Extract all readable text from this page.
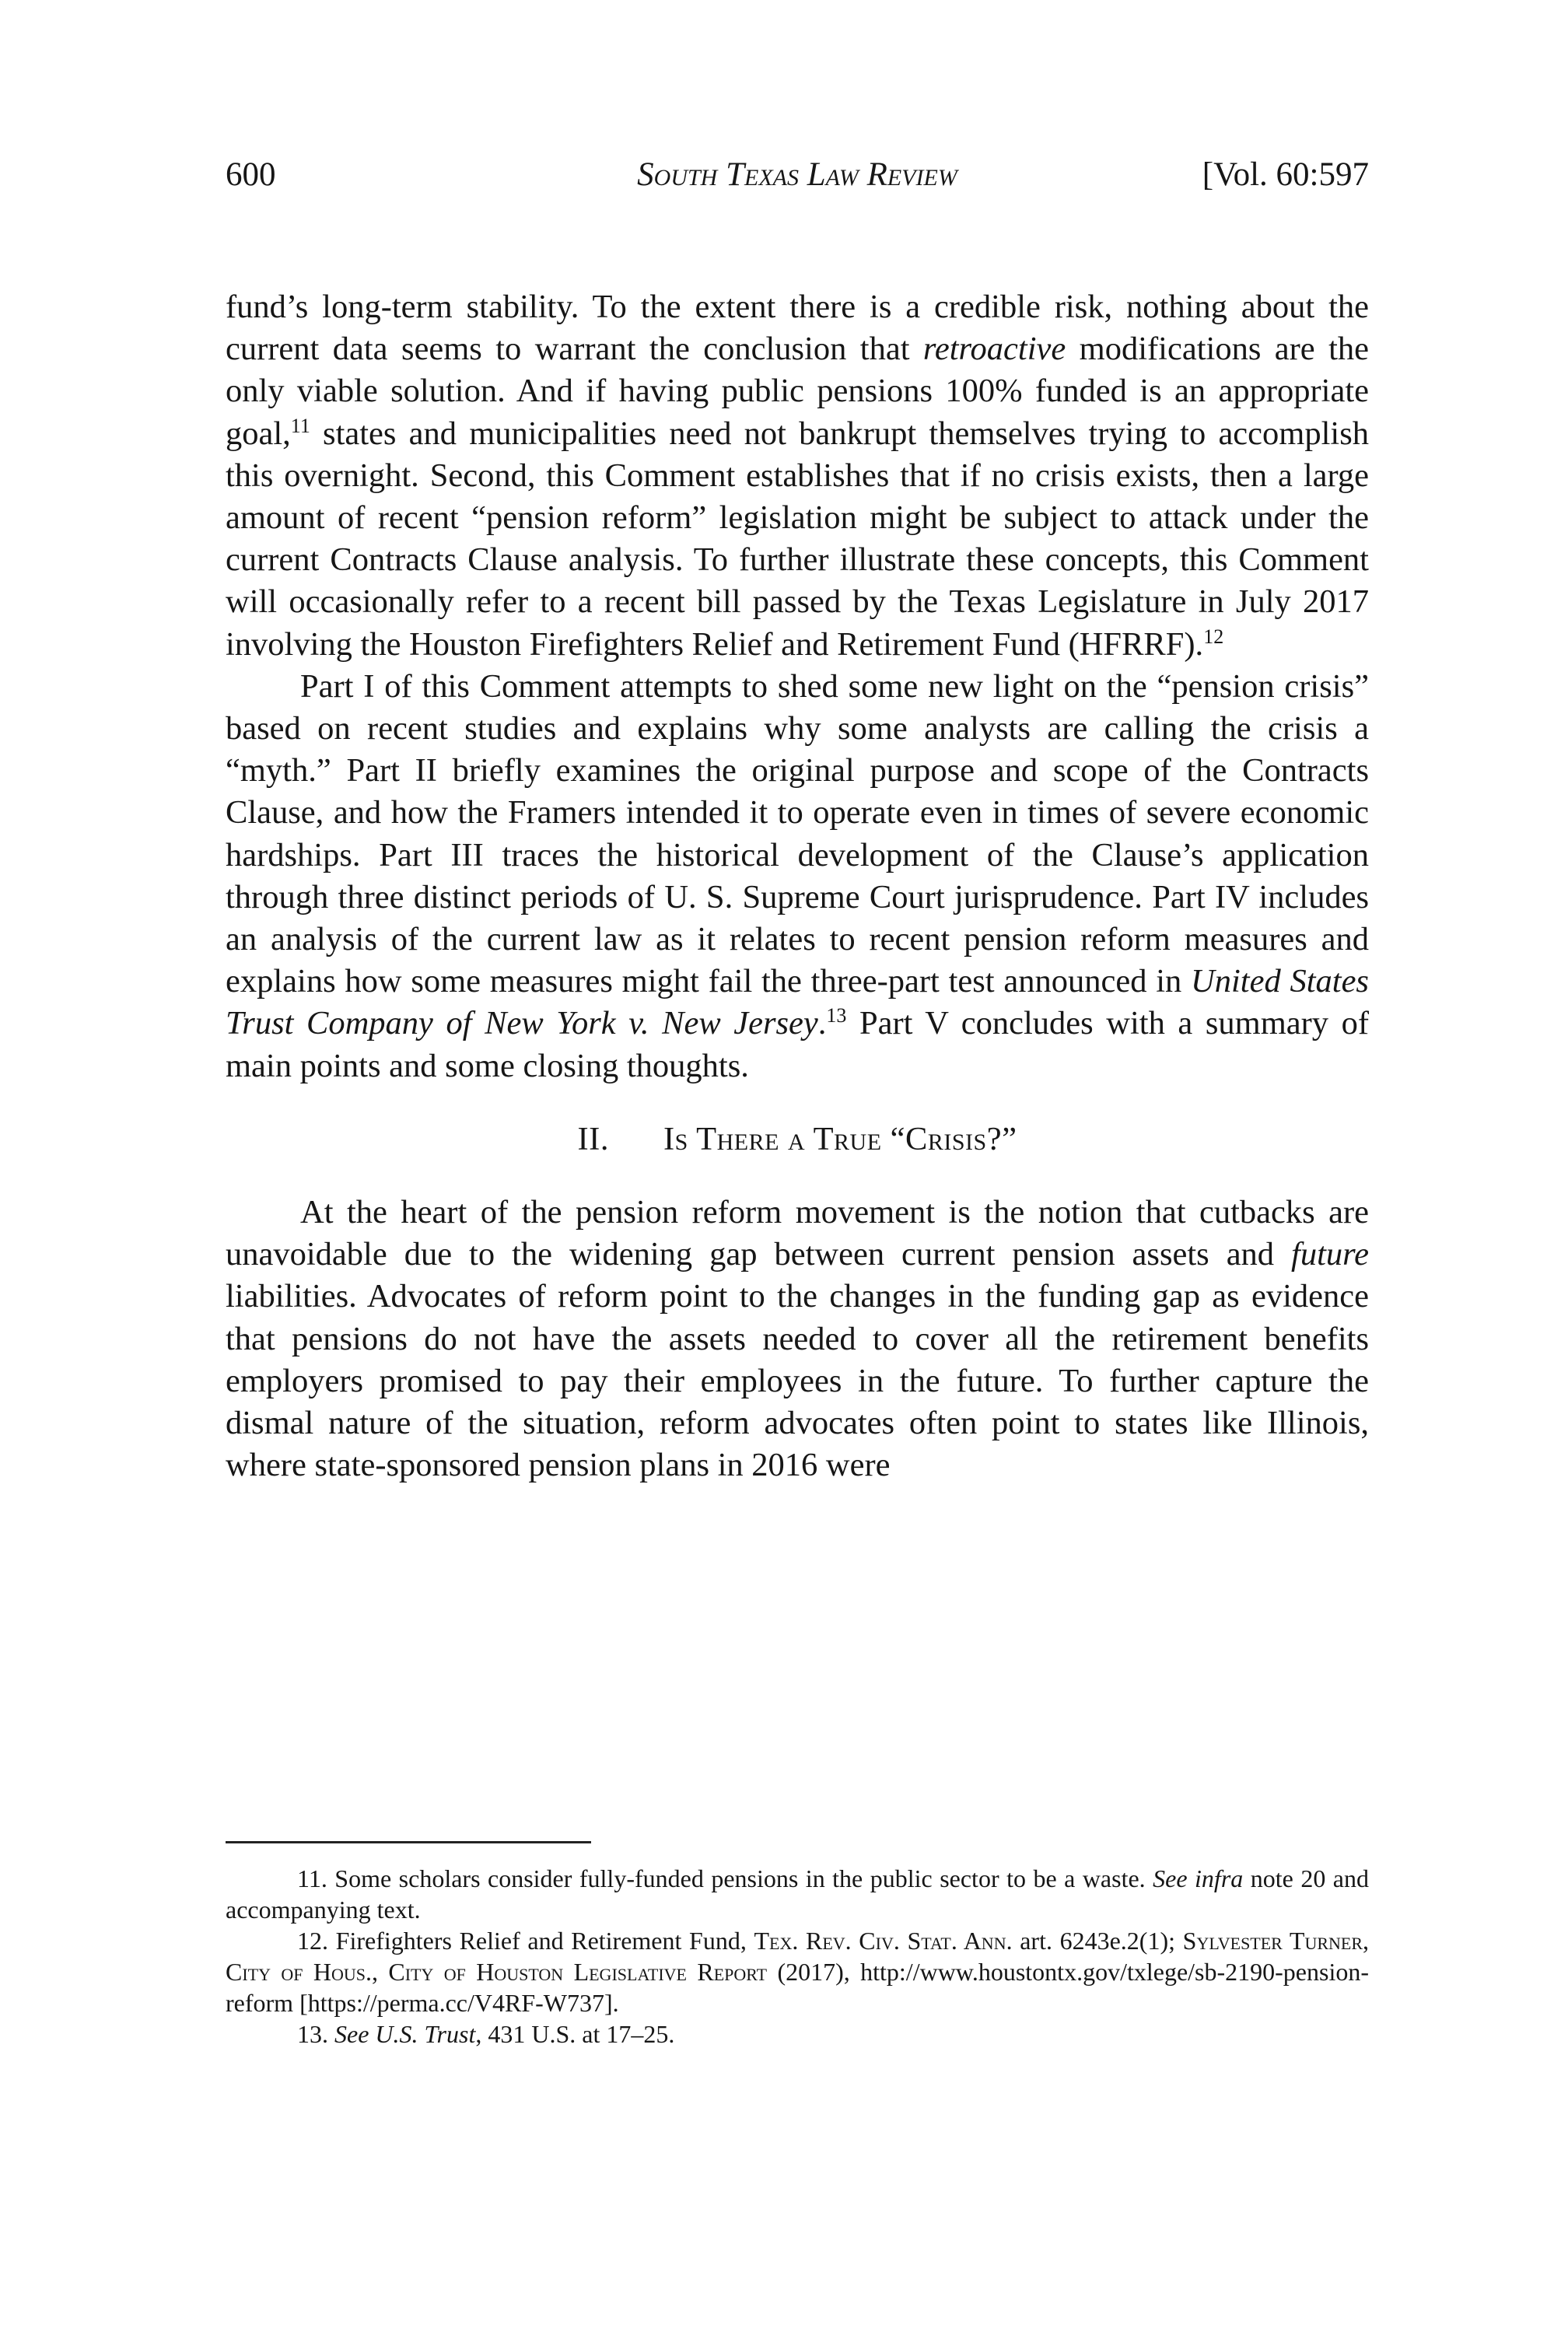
600	South Texas Law Review	[Vol. 60:597

fund’s long-term stability. To the extent there is a credible risk, nothing about the current data seems to warrant the conclusion that retroactive modifications are the only viable solution. And if having public pensions 100% funded is an appropriate goal,$^{11}$ states and municipalities need not bankrupt themselves trying to accomplish this overnight. Second, this Comment establishes that if no crisis exists, then a large amount of recent “pension reform” legislation might be subject to attack under the current Contracts Clause analysis. To further illustrate these concepts, this Comment will occasionally refer to a recent bill passed by the Texas Legislature in July 2017 involving the Houston Firefighters Relief and Retirement Fund (HFRRF).$^{12}$

Part I of this Comment attempts to shed some new light on the “pension crisis” based on recent studies and explains why some analysts are calling the crisis a “myth.” Part II briefly examines the original purpose and scope of the Contracts Clause, and how the Framers intended it to operate even in times of severe economic hardships. Part III traces the historical development of the Clause’s application through three distinct periods of U. S. Supreme Court jurisprudence. Part IV includes an analysis of the current law as it relates to recent pension reform measures and explains how some measures might fail the three-part test announced in United States Trust Company of New York v. New Jersey.$^{13}$ Part V concludes with a summary of main points and some closing thoughts.

II. Is There a True “Crisis?”

At the heart of the pension reform movement is the notion that cutbacks are unavoidable due to the widening gap between current pension assets and future liabilities. Advocates of reform point to the changes in the funding gap as evidence that pensions do not have the assets needed to cover all the retirement benefits employers promised to pay their employees in the future. To further capture the dismal nature of the situation, reform advocates often point to states like Illinois, where state-sponsored pension plans in 2016 were

11. Some scholars consider fully-funded pensions in the public sector to be a waste. See infra note 20 and accompanying text.

12. Firefighters Relief and Retirement Fund, Tex. Rev. Civ. Stat. Ann. art. 6243e.2(1); Sylvester Turner, City of Hous., City of Houston Legislative Report (2017), http://www.houstontx.gov/txlege/sb-2190-pension-reform [https://perma.cc/V4RF-W737].

13. See U.S. Trust, 431 U.S. at 17–25.
